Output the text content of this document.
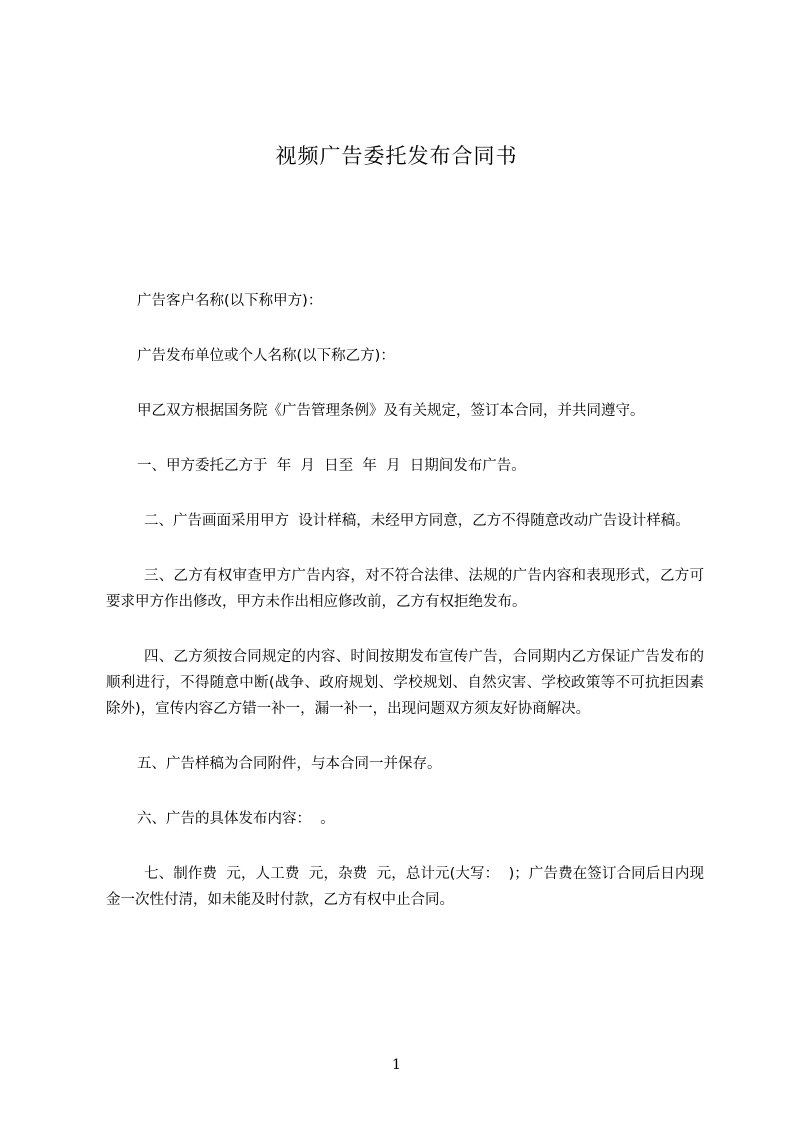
视频广告委托发布合同书

广告客户名称(以下称甲方)：

广告发布单位或个人名称(以下称乙方)：

甲乙双方根据国务院《广告管理条例》及有关规定，签订本合同，并共同遵守。

一、甲方委托乙方于  年  月  日至  年  月  日期间发布广告。

二、广告画面采用甲方  设计样稿，未经甲方同意，乙方不得随意改动广告设计样稿。

三、乙方有权审查甲方广告内容，对不符合法律、法规的广告内容和表现形式，乙方可要求甲方作出修改，甲方未作出相应修改前，乙方有权拒绝发布。

四、乙方须按合同规定的内容、时间按期发布宣传广告，合同期内乙方保证广告发布的顺利进行，不得随意中断(战争、政府规划、学校规划、自然灾害、学校政策等不可抗拒因素除外)，宣传内容乙方错一补一，漏一补一，出现问题双方须友好协商解决。

五、广告样稿为合同附件，与本合同一并保存。

六、广告的具体发布内容：  。

七、制作费  元，人工费  元，杂费  元，总计元(大写：  )；广告费在签订合同后日内现金一次性付清，如未能及时付款，乙方有权中止合同。

1
